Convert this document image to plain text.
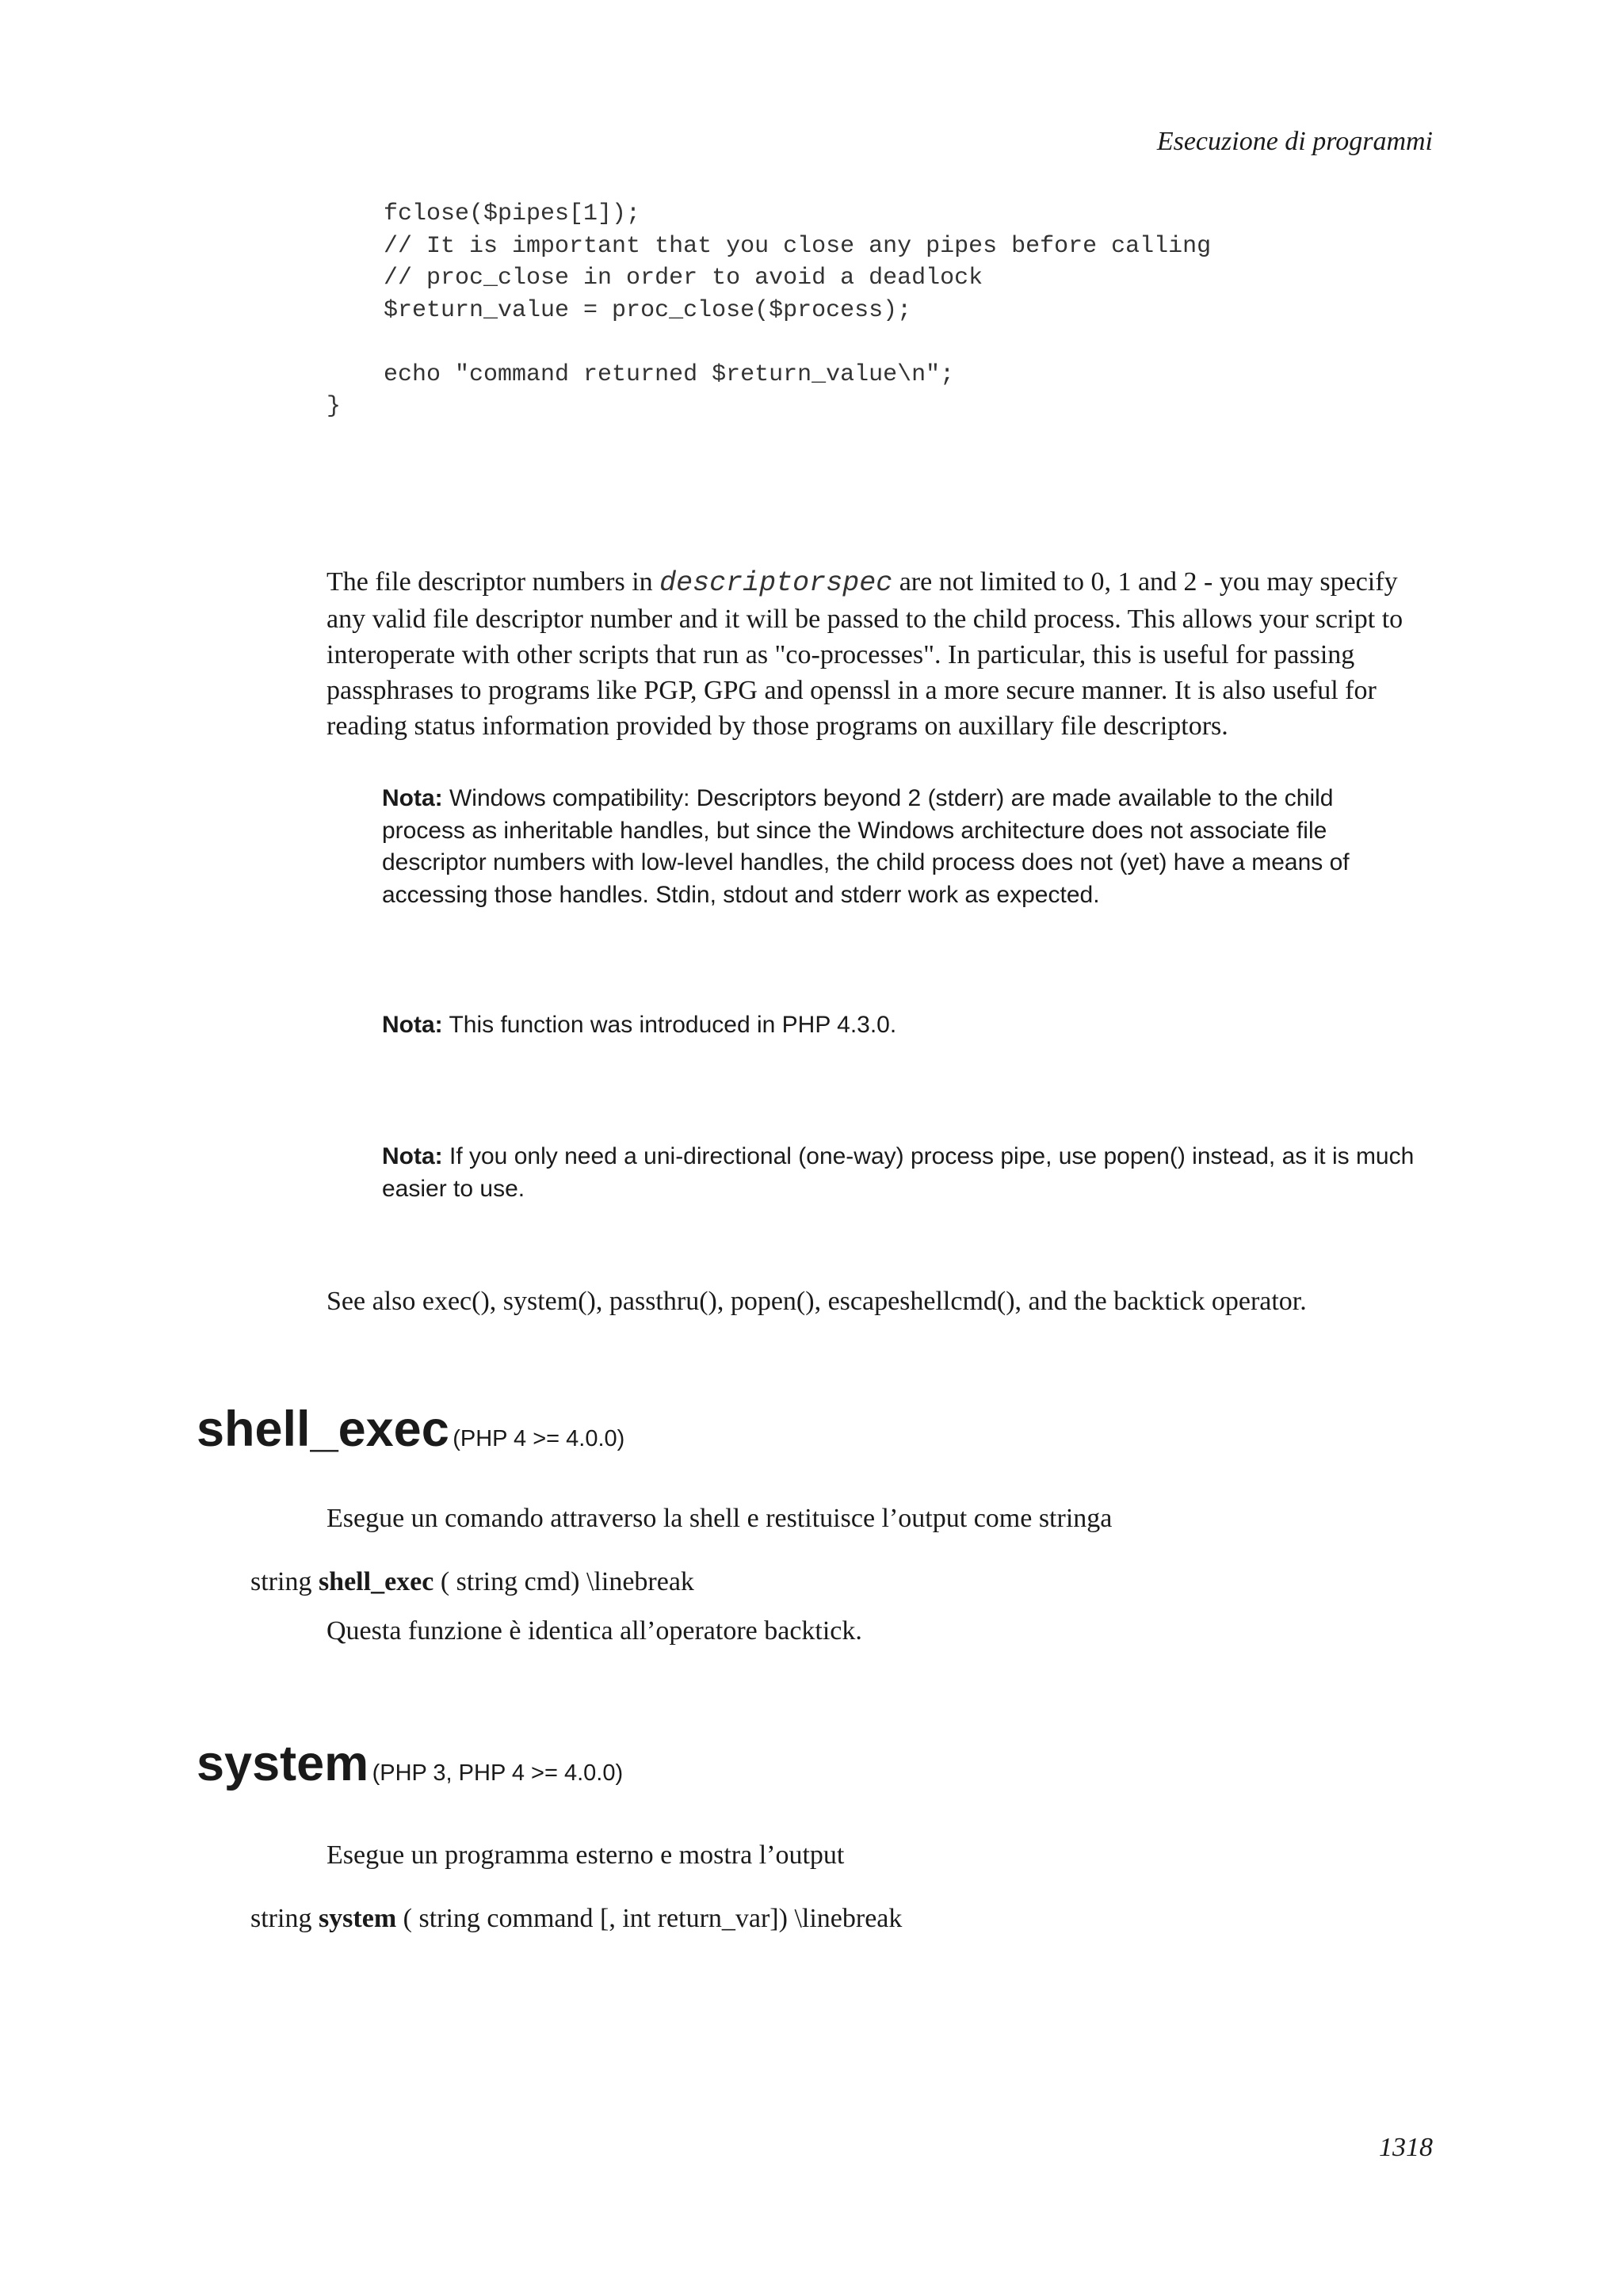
Esecuzione di programmi
fclose($pipes[1]);
// It is important that you close any pipes before calling
// proc_close in order to avoid a deadlock
$return_value = proc_close($process);

echo "command returned $return_value\n";
}
The file descriptor numbers in descriptorspec are not limited to 0, 1 and 2 - you may specify any valid file descriptor number and it will be passed to the child process. This allows your script to interoperate with other scripts that run as "co-processes". In particular, this is useful for passing passphrases to programs like PGP, GPG and openssl in a more secure manner. It is also useful for reading status information provided by those programs on auxillary file descriptors.
Nota: Windows compatibility: Descriptors beyond 2 (stderr) are made available to the child process as inheritable handles, but since the Windows architecture does not associate file descriptor numbers with low-level handles, the child process does not (yet) have a means of accessing those handles. Stdin, stdout and stderr work as expected.
Nota: This function was introduced in PHP 4.3.0.
Nota: If you only need a uni-directional (one-way) process pipe, use popen() instead, as it is much easier to use.
See also exec(), system(), passthru(), popen(), escapeshellcmd(), and the backtick operator.
shell_exec (PHP 4 >= 4.0.0)
Esegue un comando attraverso la shell e restituisce l’output come stringa
string shell_exec ( string cmd) \linebreak
Questa funzione è identica all’operatore backtick.
system (PHP 3, PHP 4 >= 4.0.0)
Esegue un programma esterno e mostra l’output
string system ( string command [, int return_var]) \linebreak
1318
